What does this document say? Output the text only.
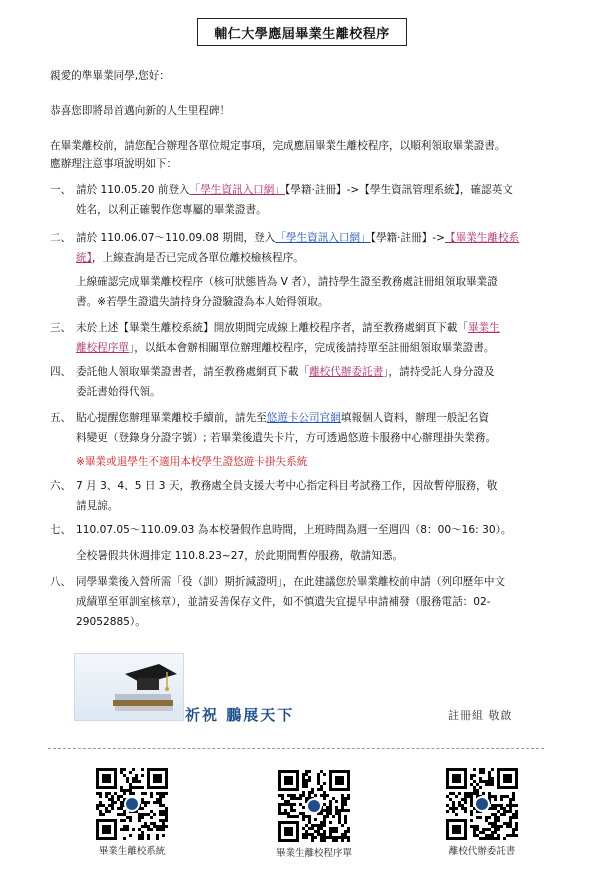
輔仁大學應屆畢業生離校程序
親愛的準畢業同學,您好：
恭喜您即將昂首邁向新的人生里程碑！
在畢業離校前，請您配合辦理各單位規定事項，完成應屆畢業生離校程序，以順利領取畢業證書。
應辦理注意事項說明如下：
一、 請於 110.05.20 前登入「學生資訊入口網」【學籍‧註冊】->【學生資訊管理系統】，確認英文
姓名，以利正確製作您專屬的畢業證書。
二、 請於 110.06.07～110.09.08 期間，登入「學生資訊入口網」【學籍‧註冊】->【畢業生離校系
統】，上線查詢是否已完成各單位離校檢核程序。
上線確認完成畢業離校程序（核可狀態皆為 V 者），請持學生證至教務處註冊組領取畢業證
書。※若學生證遺失請持身分證驗證為本人始得領取。
三、 未於上述【畢業生離校系統】開放期間完成線上離校程序者，請至教務處網頁下載「畢業生
離校程序單」，以紙本會辦相關單位辦理離校程序，完成後請持單至註冊組領取畢業證書。
四、 委託他人領取畢業證書者，請至教務處網頁下載「離校代辦委託書」，請持受託人身分證及
委託書始得代領。
五、 貼心提醒您辦理畢業離校手續前，請先至悠遊卡公司官網填報個人資料，辦理一般記名資
料變更（登錄身分證字號）; 若畢業後遺失卡片，方可透過悠遊卡服務中心辦理掛失業務。
※畢業或退學生不適用本校學生證悠遊卡掛失系統
六、 7 月 3、4、5 日 3 天，教務處全員支援大考中心指定科目考試務工作，因故暫停服務，敬
請見諒。
七、 110.07.05～110.09.03 為本校暑假作息時間，上班時間為週一至週四（8：00～16: 30）。
全校暑假共休週排定 110.8.23~27，於此期間暫停服務，敬請知悉。
八、 同學畢業後入營所需「役（訓）期折減證明」，在此建議您於畢業離校前申請（列印歷年中文
成績單至軍訓室核章），並請妥善保存文件，如不慎遺失宜提早申請補發（服務電話：02-
29052885）。
祈祝 鵬展天下	註冊組 敬啟
畢業生離校系統	畢業生離校程序單	離校代辦委託書
